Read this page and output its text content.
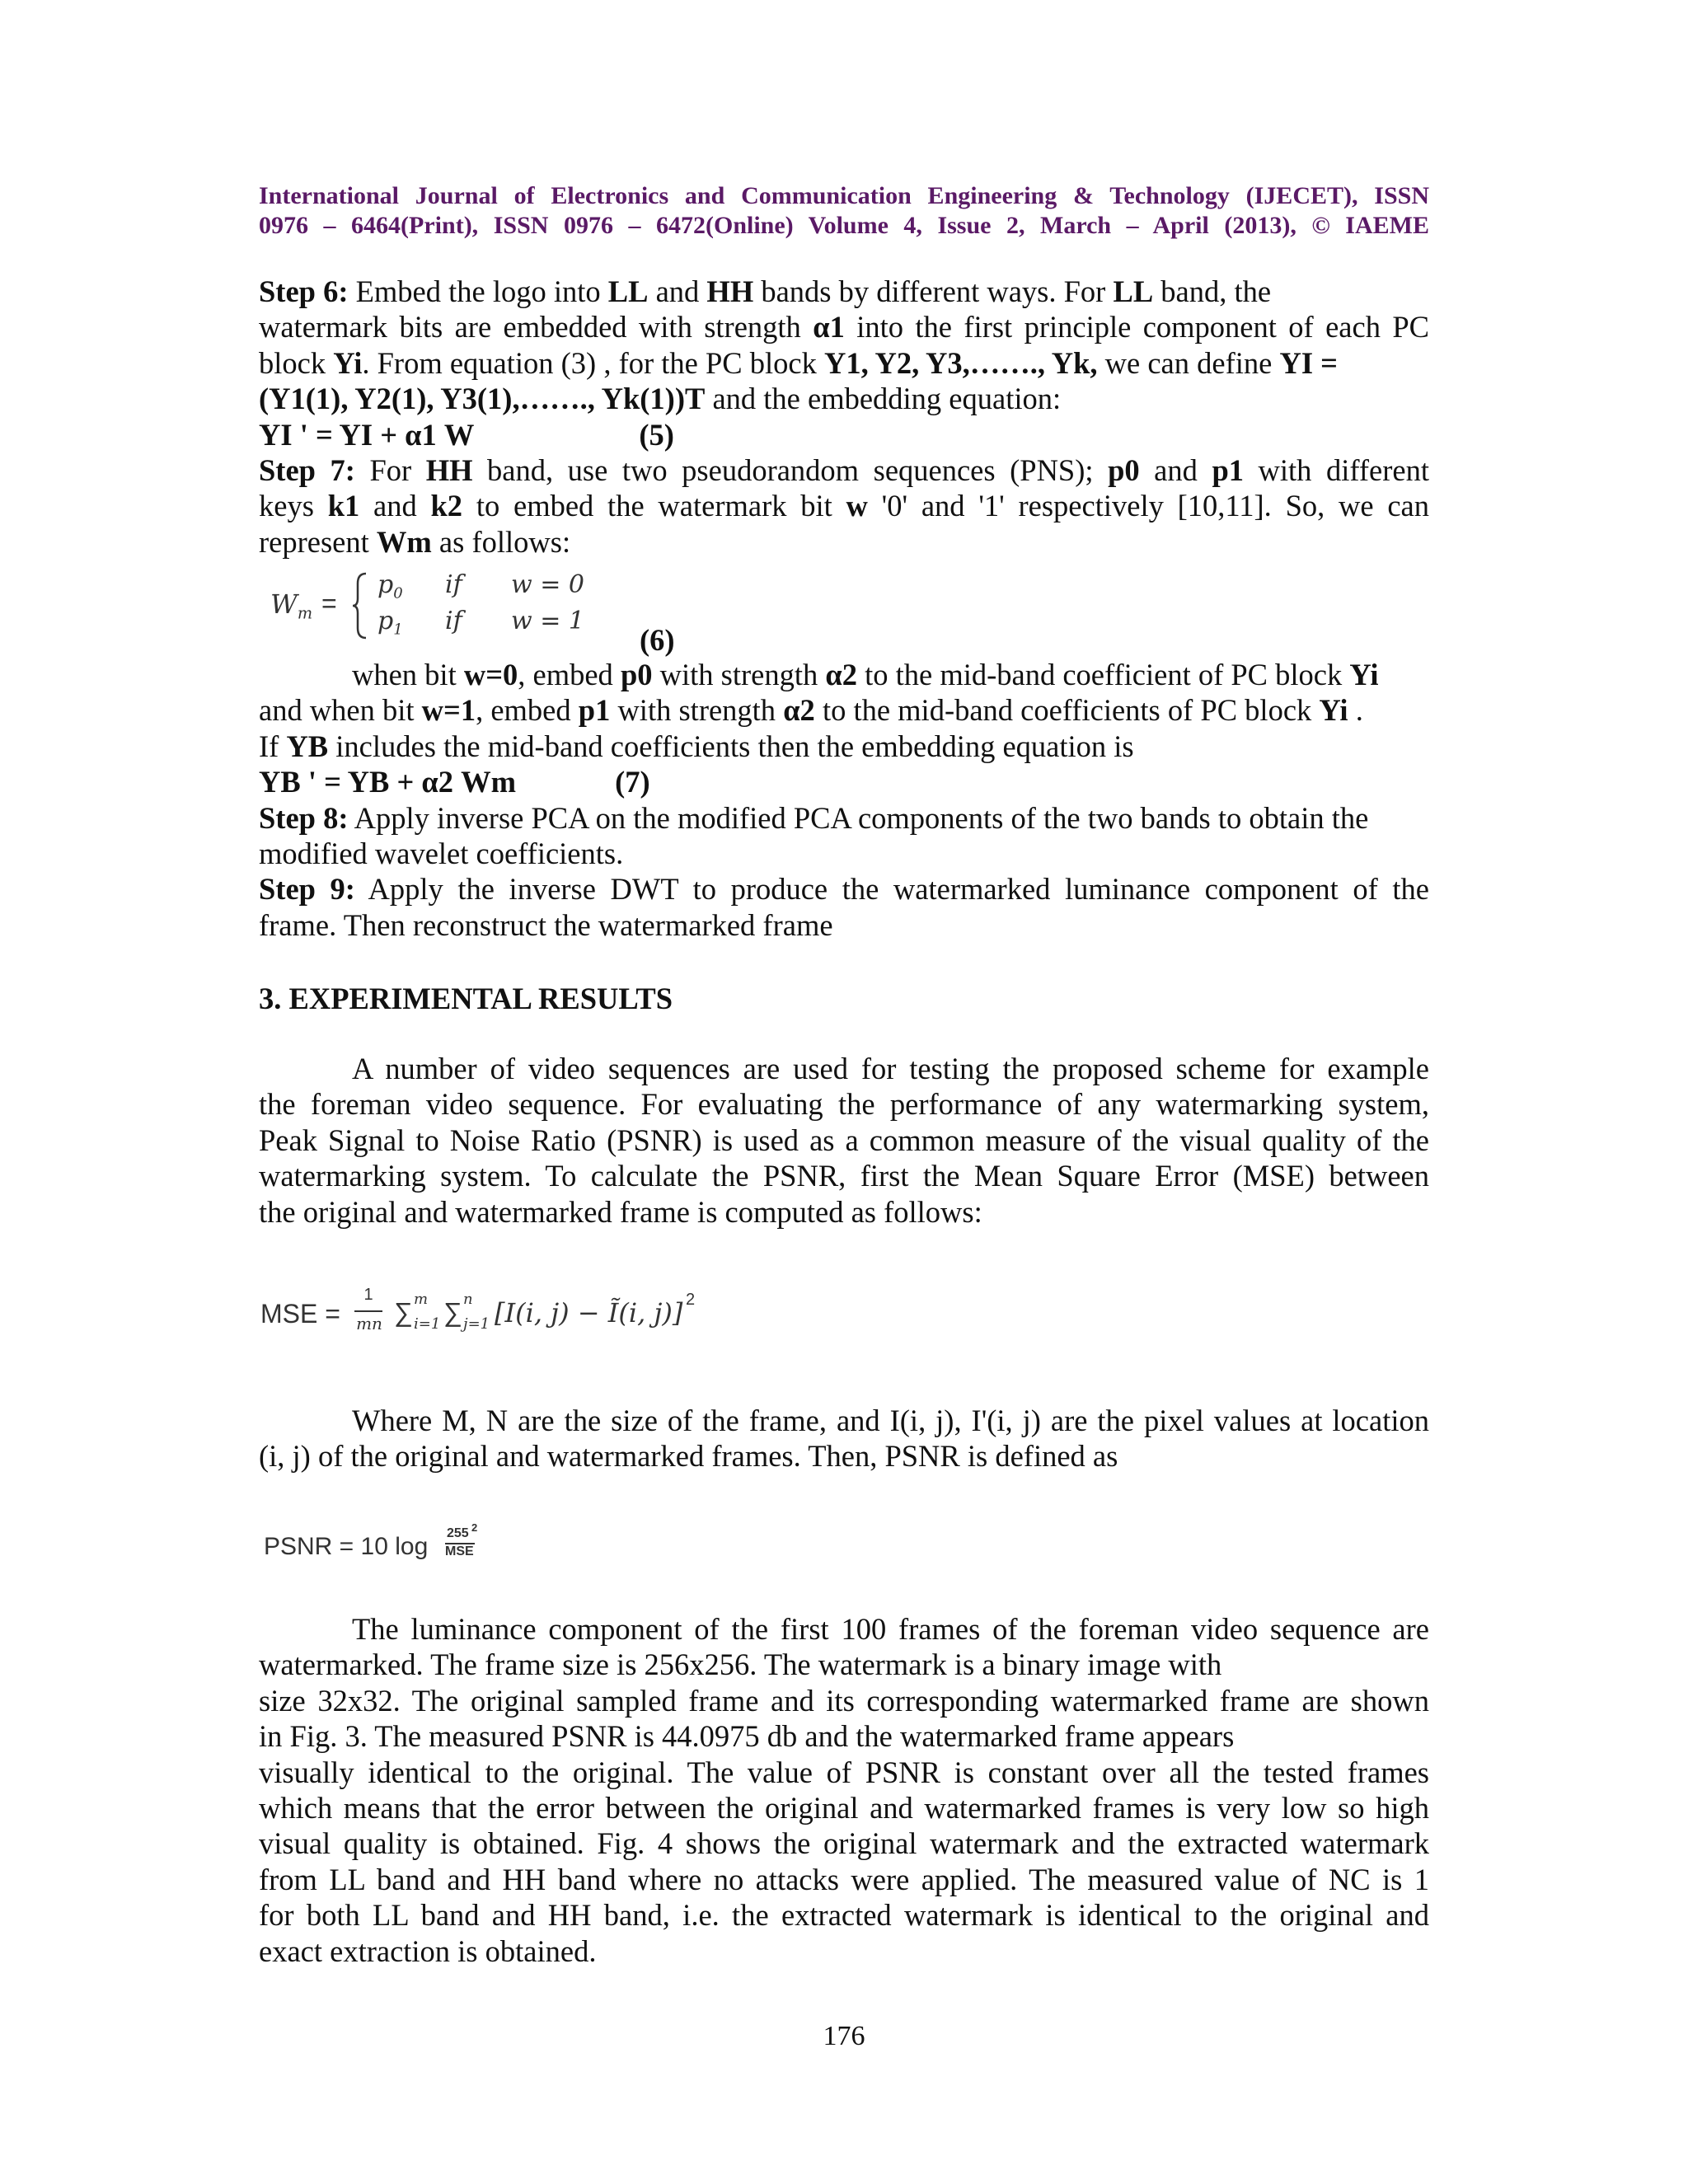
International Journal of Electronics and Communication Engineering & Technology (IJECET), ISSN
0976 – 6464(Print), ISSN 0976 – 6472(Online) Volume 4, Issue 2, March – April (2013), © IAEME
Step 6: Embed the logo into LL and HH bands by different ways. For LL band, the
watermark bits are embedded with strength α1 into the first principle component of each PC
block Yi. From equation (3) , for the PC block Y1, Y2, Y3,……., Yk, we can define YI =
(Y1(1), Y2(1), Y3(1),……., Yk(1))T and the embedding equation:
YI ' = YI + α1 W	(5)
Step 7: For HH band, use two pseudorandom sequences (PNS); p0 and p1 with different
keys k1 and k2 to embed the watermark bit w '0' and '1' respectively [10,11]. So, we can
represent Wm as follows:
$W_m$ =
$p_0$ if w = 0
$p_1$ if w = 1
(6)
when bit w=0, embed p0 with strength α2 to the mid-band coefficient of PC block Yi
and when bit w=1, embed p1 with strength α2 to the mid-band coefficients of PC block Yi .
If YB includes the mid-band coefficients then the embedding equation is
YB ' = YB + α2 Wm	(7)
Step 8: Apply inverse PCA on the modified PCA components of the two bands to obtain the
modified wavelet coefficients.
Step 9: Apply the inverse DWT to produce the watermarked luminance component of the
frame. Then reconstruct the watermarked frame
3. EXPERIMENTAL RESULTS
A number of video sequences are used for testing the proposed scheme for example
the foreman video sequence. For evaluating the performance of any watermarking system,
Peak Signal to Noise Ratio (PSNR) is used as a common measure of the visual quality of the
watermarking system. To calculate the PSNR, first the Mean Square Error (MSE) between
the original and watermarked frame is computed as follows:
MSE =
1
mn ∑ m
i=1 ∑ n
j=1 [I(i, j) − Ĩ(i, j)] 2
Where M, N are the size of the frame, and I(i, j), I'(i, j) are the pixel values at location
(i, j) of the original and watermarked frames. Then, PSNR is defined as
PSNR = 10 log 255 2
MSE
The luminance component of the first 100 frames of the foreman video sequence are
watermarked. The frame size is 256x256. The watermark is a binary image with
size 32x32. The original sampled frame and its corresponding watermarked frame are shown
in Fig. 3. The measured PSNR is 44.0975 db and the watermarked frame appears
visually identical to the original. The value of PSNR is constant over all the tested frames
which means that the error between the original and watermarked frames is very low so high
visual quality is obtained. Fig. 4 shows the original watermark and the extracted watermark
from LL band and HH band where no attacks were applied. The measured value of NC is 1
for both LL band and HH band, i.e. the extracted watermark is identical to the original and
exact extraction is obtained.
176
